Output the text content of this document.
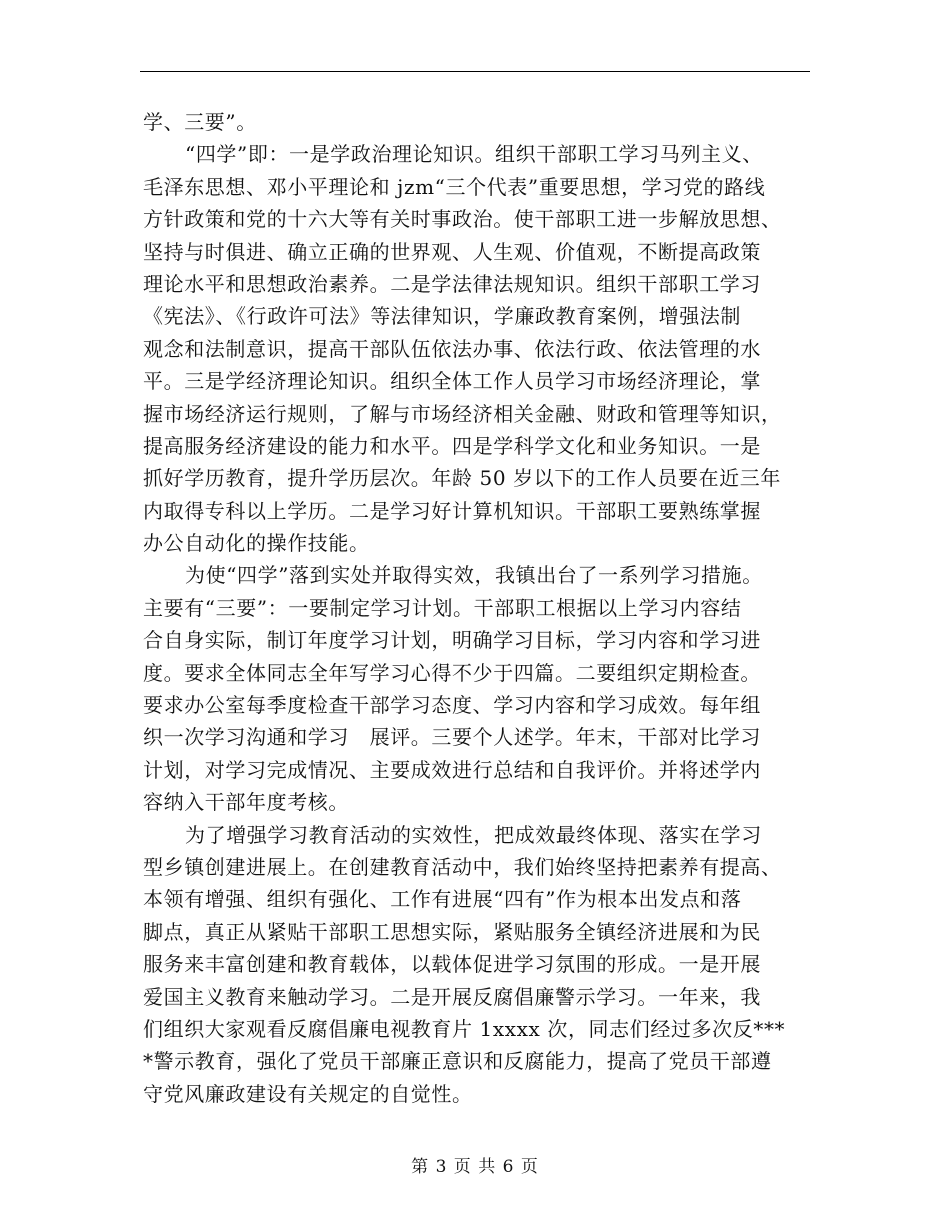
学、三要”。
“四学”即：一是学政治理论知识。组织干部职工学习马列主义、
毛泽东思想、邓小平理论和 jzm“三个代表”重要思想，学习党的路线
方针政策和党的十六大等有关时事政治。使干部职工进一步解放思想、
坚持与时俱进、确立正确的世界观、人生观、价值观，不断提高政策
理论水平和思想政治素养。二是学法律法规知识。组织干部职工学习
《宪法》、《行政许可法》等法律知识，学廉政教育案例，增强法制
观念和法制意识，提高干部队伍依法办事、依法行政、依法管理的水
平。三是学经济理论知识。组织全体工作人员学习市场经济理论，掌
握市场经济运行规则，了解与市场经济相关金融、财政和管理等知识，
提高服务经济建设的能力和水平。四是学科学文化和业务知识。一是
抓好学历教育，提升学历层次。年龄 50 岁以下的工作人员要在近三年
内取得专科以上学历。二是学习好计算机知识。干部职工要熟练掌握
办公自动化的操作技能。
为使“四学”落到实处并取得实效，我镇出台了一系列学习措施。
主要有“三要”：一要制定学习计划。干部职工根据以上学习内容结
合自身实际，制订年度学习计划，明确学习目标，学习内容和学习进
度。要求全体同志全年写学习心得不少于四篇。二要组织定期检查。
要求办公室每季度检查干部学习态度、学习内容和学习成效。每年组
织一次学习沟通和学习　展评。三要个人述学。年末，干部对比学习
计划，对学习完成情况、主要成效进行总结和自我评价。并将述学内
容纳入干部年度考核。
为了增强学习教育活动的实效性，把成效最终体现、落实在学习
型乡镇创建进展上。在创建教育活动中，我们始终坚持把素养有提高、
本领有增强、组织有强化、工作有进展“四有”作为根本出发点和落
脚点，真正从紧贴干部职工思想实际，紧贴服务全镇经济进展和为民
服务来丰富创建和教育载体，以载体促进学习氛围的形成。一是开展
爱国主义教育来触动学习。二是开展反腐倡廉警示学习。一年来，我
们组织大家观看反腐倡廉电视教育片 1xxxx 次，同志们经过多次反***
*警示教育，强化了党员干部廉正意识和反腐能力，提高了党员干部遵
守党风廉政建设有关规定的自觉性。
第 3 页 共 6 页
